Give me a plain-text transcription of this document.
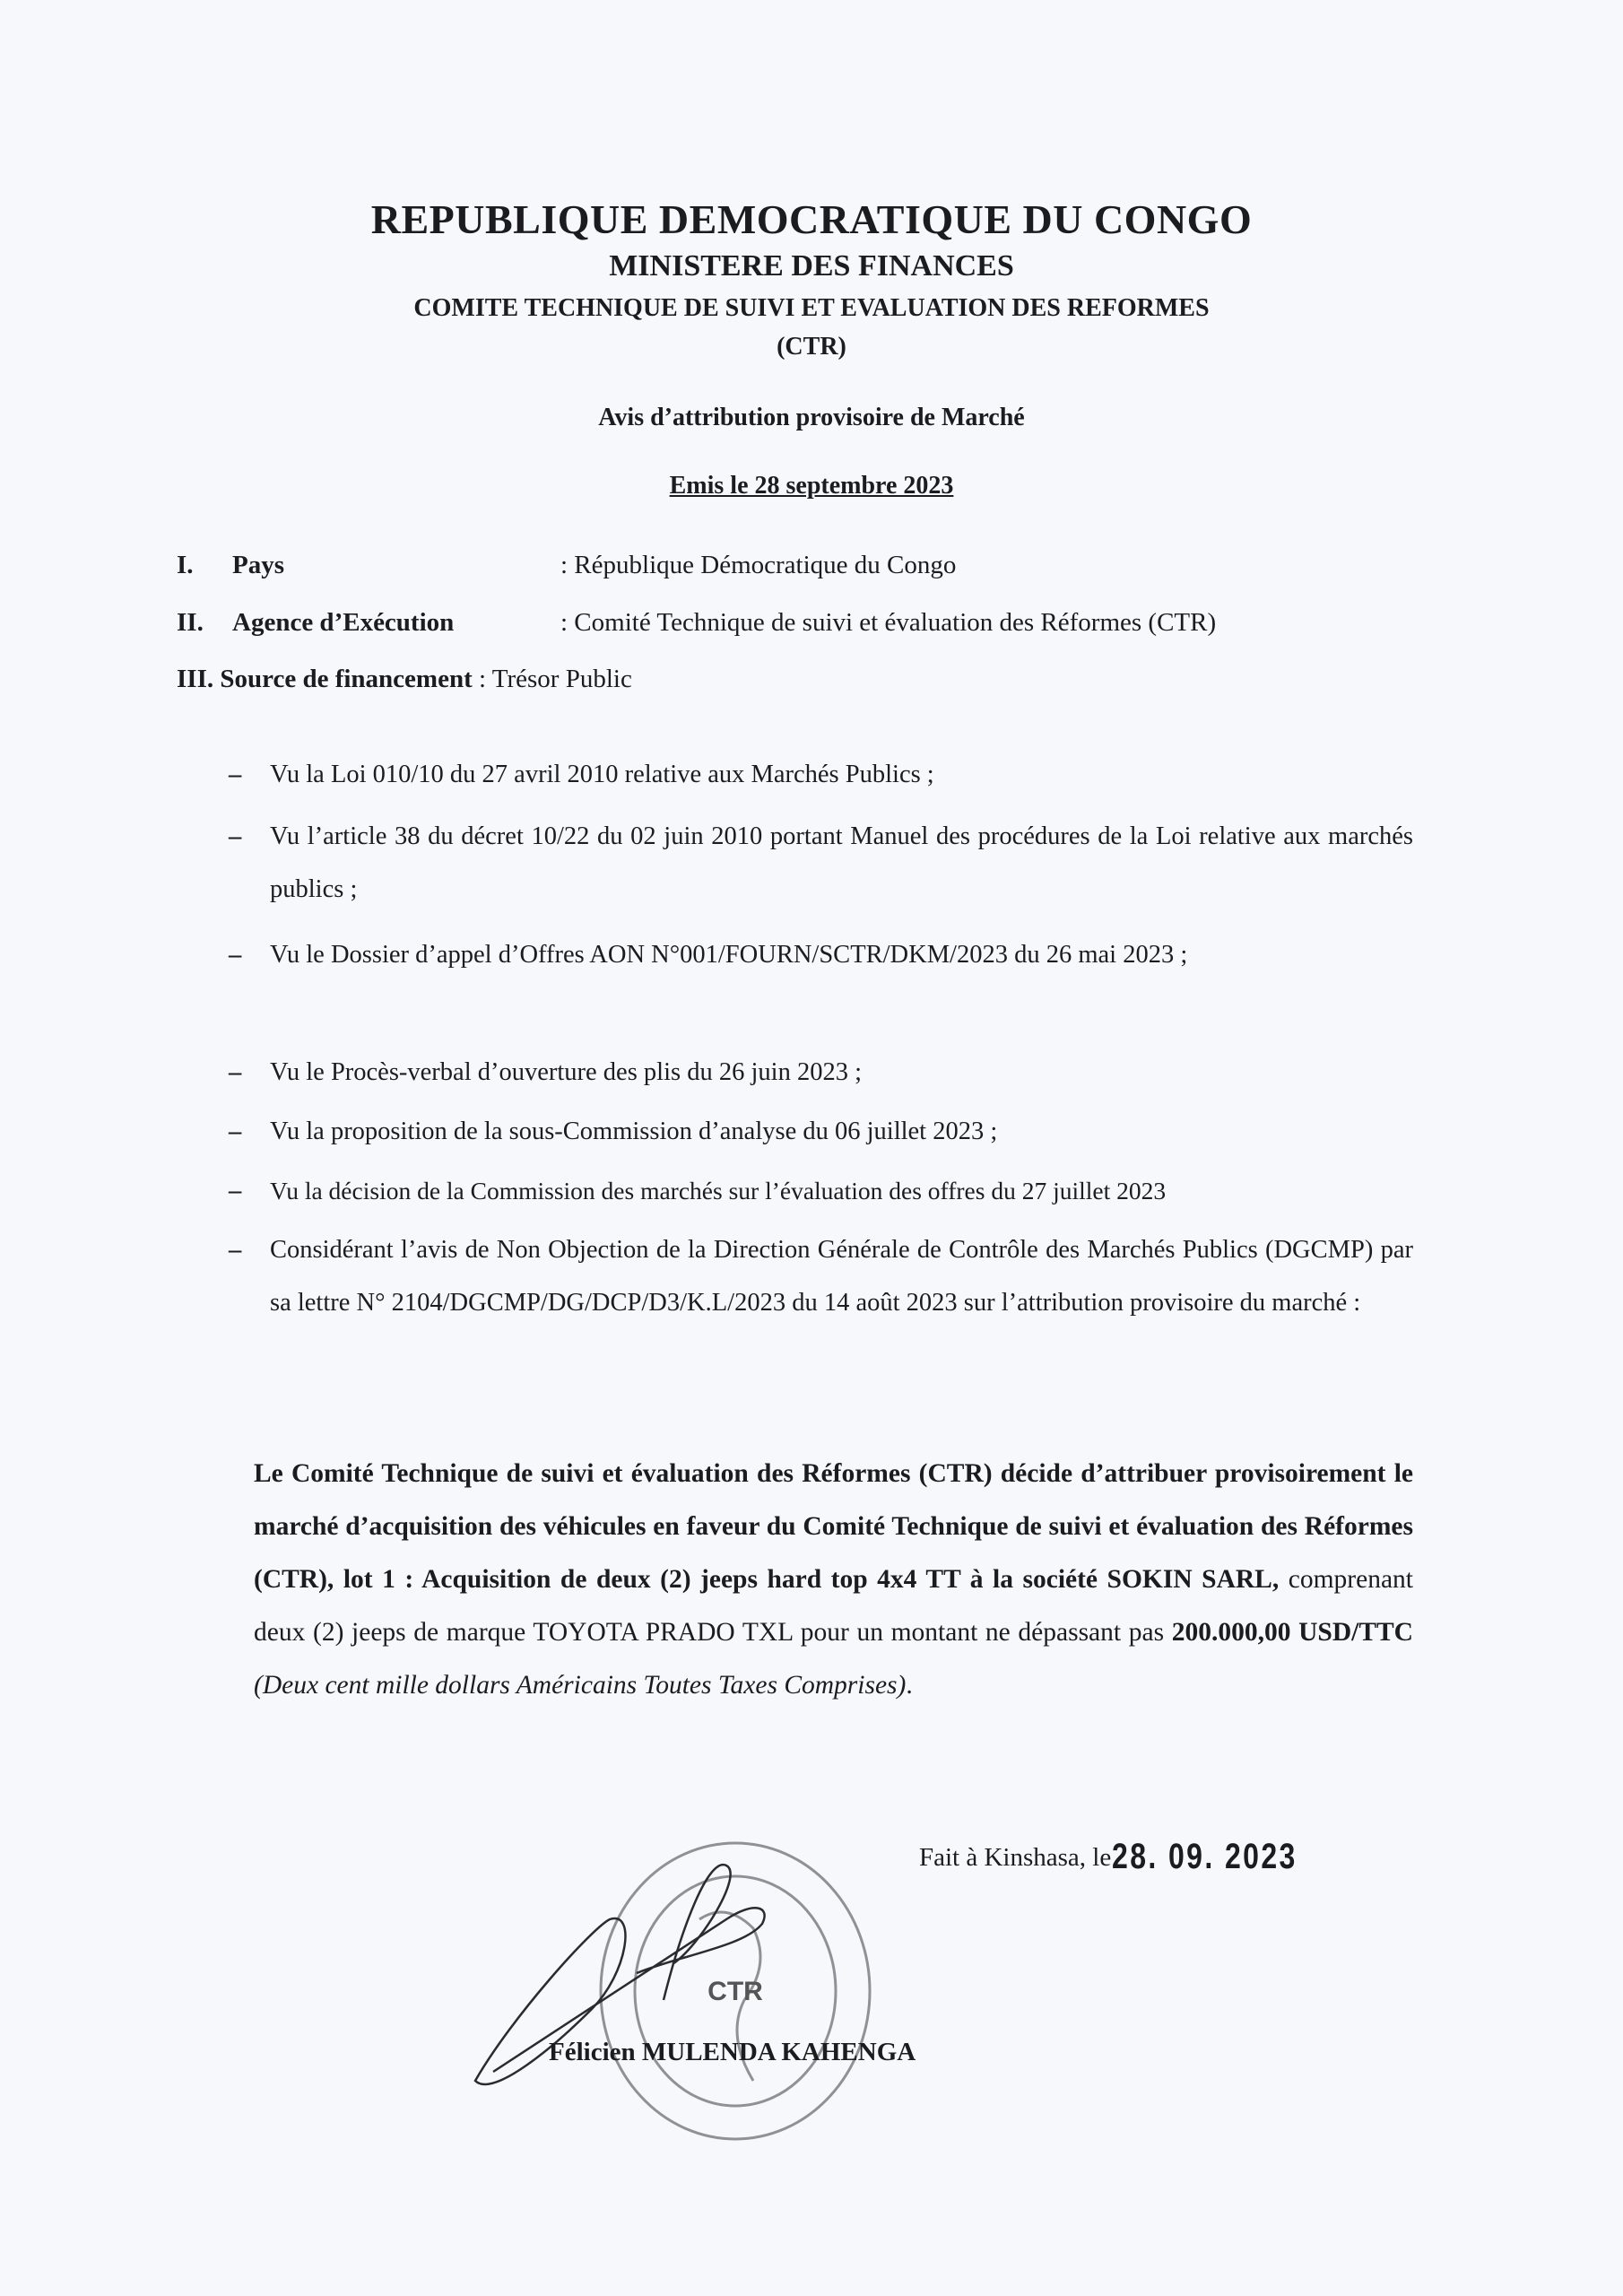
REPUBLIQUE DEMOCRATIQUE DU CONGO
MINISTERE DES FINANCES
COMITE TECHNIQUE DE SUIVI ET EVALUATION DES REFORMES
(CTR)
Avis d’attribution provisoire de Marché
Emis le 28 septembre 2023
I. Pays	: République Démocratique du Congo
II. Agence d’Exécution	: Comité Technique de suivi et évaluation des Réformes (CTR)
III. Source de financement : Trésor Public
– Vu la Loi 010/10 du 27 avril 2010 relative aux Marchés Publics ;
– Vu l’article 38 du décret 10/22 du 02 juin 2010 portant Manuel des procédures de la Loi relative aux marchés publics ;
– Vu le Dossier d’appel d’Offres AON N°001/FOURN/SCTR/DKM/2023 du 26 mai 2023 ;
– Vu le Procès-verbal d’ouverture des plis du 26 juin 2023 ;
– Vu la proposition de la sous-Commission d’analyse du 06 juillet 2023 ;
– Vu la décision de la Commission des marchés sur l’évaluation des offres du 27 juillet 2023
– Considérant l’avis de Non Objection de la Direction Générale de Contrôle des Marchés Publics (DGCMP) par sa lettre N° 2104/DGCMP/DG/DCP/D3/K.L/2023 du 14 août 2023 sur l’attribution provisoire du marché :
Le Comité Technique de suivi et évaluation des Réformes (CTR) décide d’attribuer provisoirement le marché d’acquisition des véhicules en faveur du Comité Technique de suivi et évaluation des Réformes (CTR), lot 1 : Acquisition de deux (2) jeeps hard top 4x4 TT à la société SOKIN SARL, comprenant deux (2) jeeps de marque TOYOTA PRADO TXL pour un montant ne dépassant pas 200.000,00 USD/TTC (Deux cent mille dollars Américains Toutes Taxes Comprises).
CTR
Fait à Kinshasa, le 28. 09. 2023
Félicien MULENDA KAHENGA
